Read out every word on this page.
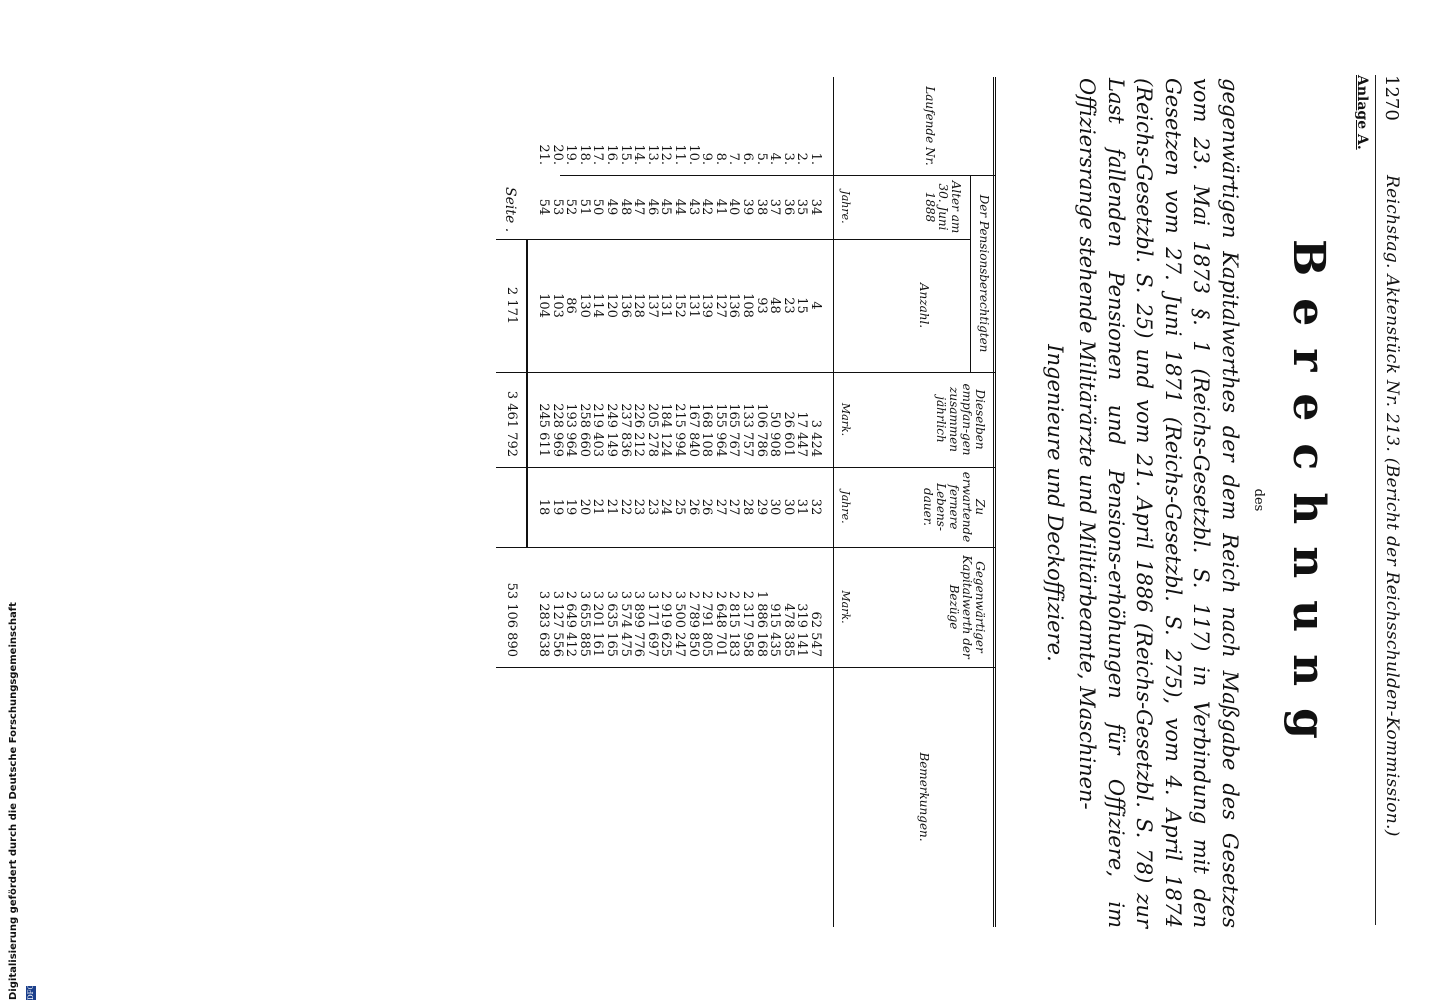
1270
Reichstag. Aktenstück Nr. 213. (Bericht der Reichsschulden-Kommission.)
Anlage A.
Berechnung
des
gegenwärtigen Kapitalwerthes der dem Reich nach Maßgabe des Gesetzes vom 23. Mai 1873 §. 1 (Reichs-Gesetzbl. S. 117) in Verbindung mit den Gesetzen vom 27. Juni 1871 (Reichs-Gesetzbl. S. 275), vom 4. April 1874 (Reichs-Gesetzbl. S. 25) und vom 21. April 1886 (Reichs-Gesetzbl. S. 78) zur Last fallenden Pensionen und Pensions-erhöhungen für Offiziere, im Offiziersrange stehende Militärärzte und Militärbeamte, Maschinen-
Ingenieure und Deckoffiziere.
Laufende Nr.
Der Pensionsberechtigten
Alter am 30. Juni 1888
Anzahl.
Dieselben empfan-gen zusammen jährlich
Zu erwartende fernere Lebens-dauer.
Gegenwärtiger Kapitalwerth der Bezüge
Bemerkungen.
Jahre.
Mark.
Jahre.
Mark.
1.
34
4
3 424
32
62 547
2.
35
15
17 447
31
319 141
3.
36
23
26 601
30
478 385
4.
37
48
50 908
30
915 435
5.
38
93
106 786
29
1 886 168
6.
39
108
133 757
28
2 317 958
7.
40
136
165 767
27
2 815 183
8.
41
127
155 964
27
2 648 701
9.
42
139
168 108
26
2 791 805
10.
43
131
167 840
26
2 789 850
11.
44
152
215 994
25
3 500 247
12.
45
131
184 124
24
2 919 625
13.
46
137
205 278
23
3 171 697
14.
47
128
226 212
23
3 899 776
15.
48
136
237 836
22
3 574 475
16.
49
120
249 149
21
3 635 165
17.
50
114
219 403
21
3 201 161
18.
51
130
258 660
20
3 655 885
19.
52
86
193 964
19
2 649 412
20.
53
103
228 969
19
3 127 556
21.
54
104
245 611
18
3 283 638
Seite .
2 171
3 461 792
53 106 890
Digitalisierung gefördert durch die Deutsche Forschungsgemeinschaft DFG
